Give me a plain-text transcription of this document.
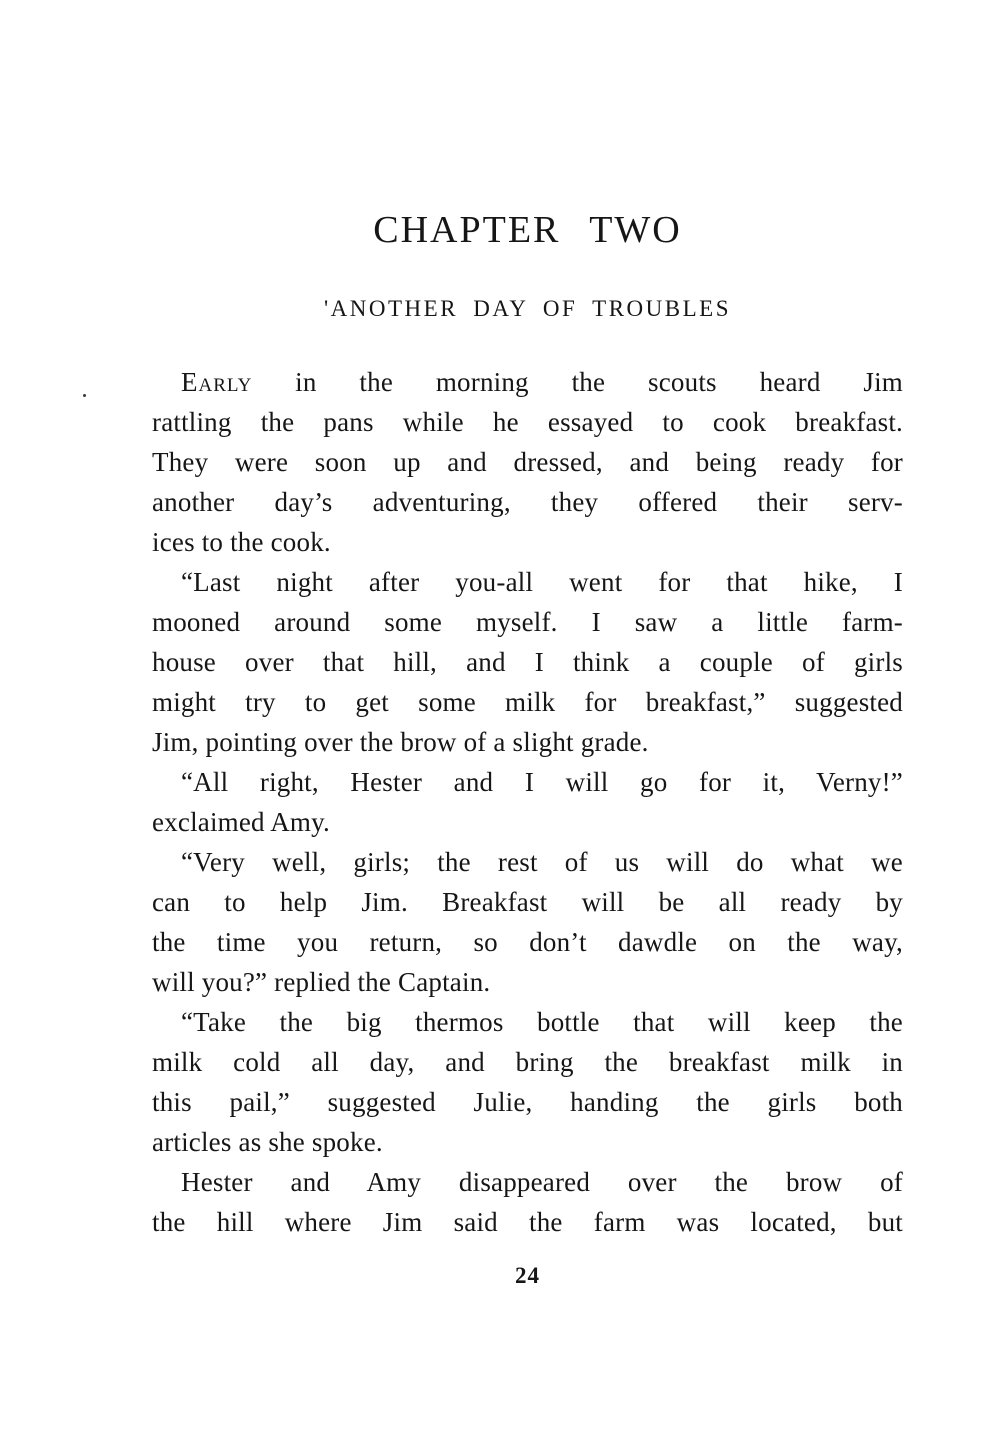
CHAPTER TWO
'ANOTHER DAY OF TROUBLES
Early in the morning the scouts heard Jim
rattling the pans while he essayed to cook breakfast.
They were soon up and dressed, and being ready for
another day’s adventuring, they offered their serv-
ices to the cook.
“Last night after you-all went for that hike, I
mooned around some myself. I saw a little farm-
house over that hill, and I think a couple of girls
might try to get some milk for breakfast,” suggested
Jim, pointing over the brow of a slight grade.
“All right, Hester and I will go for it, Verny!”
exclaimed Amy.
“Very well, girls; the rest of us will do what we
can to help Jim. Breakfast will be all ready by
the time you return, so don’t dawdle on the way,
will you?” replied the Captain.
“Take the big thermos bottle that will keep the
milk cold all day, and bring the breakfast milk in
this pail,” suggested Julie, handing the girls both
articles as she spoke.
Hester and Amy disappeared over the brow of
the hill where Jim said the farm was located, but
24
